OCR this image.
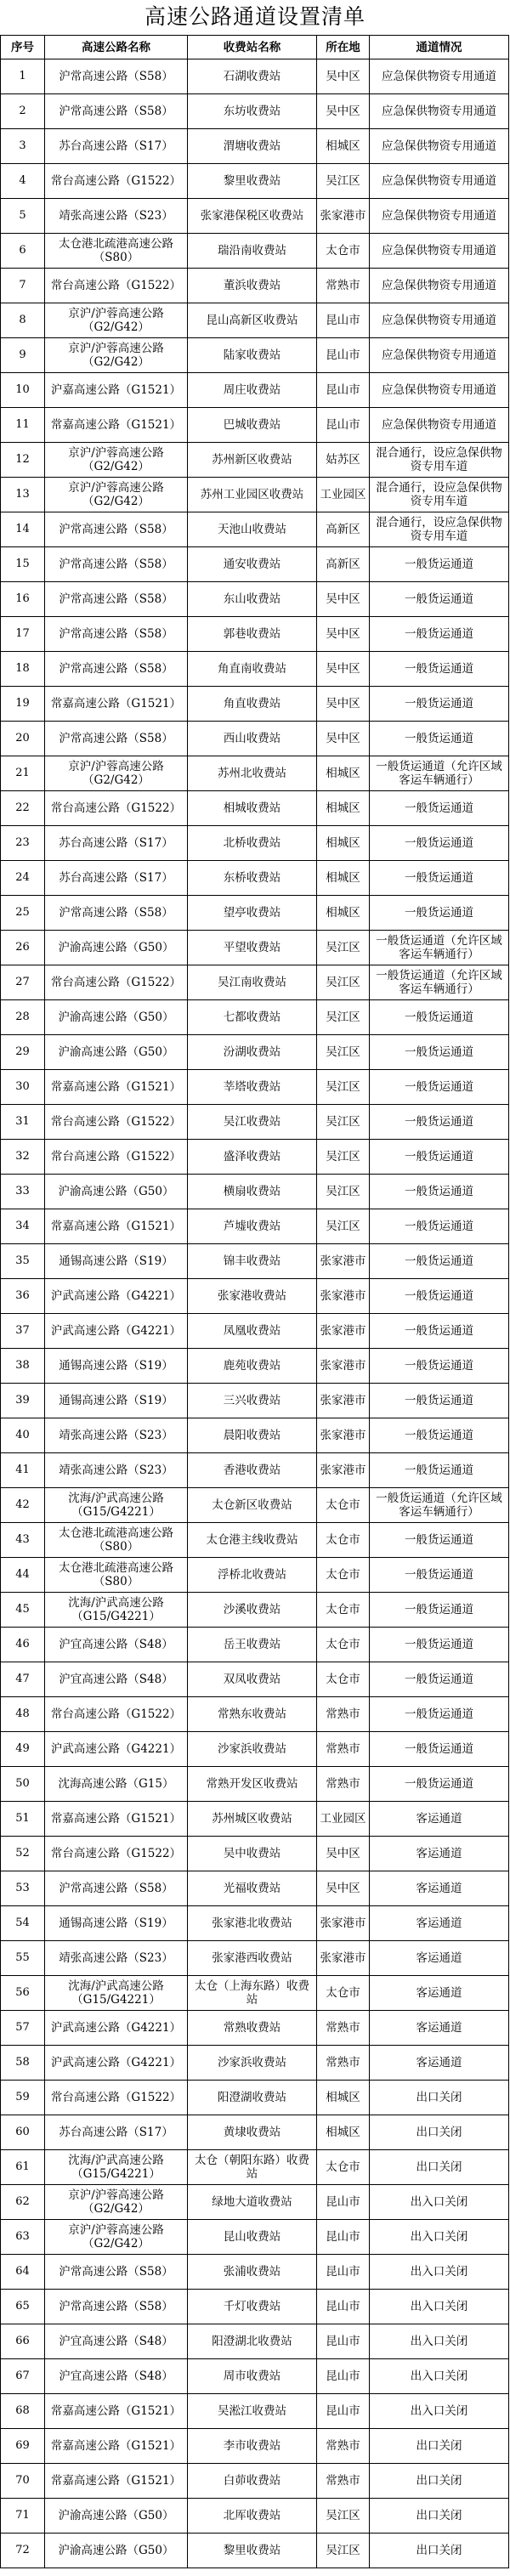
高速公路通道设置清单
序号	高速公路名称	收费站名称	所在地	通道情况
1	沪常高速公路（S58）	石湖收费站	吴中区	应急保供物资专用通道
2	沪常高速公路（S58）	东坊收费站	吴中区	应急保供物资专用通道
3	苏台高速公路（S17）	渭塘收费站	相城区	应急保供物资专用通道
4	常台高速公路（G1522）	黎里收费站	吴江区	应急保供物资专用通道
5	靖张高速公路（S23）	张家港保税区收费站	张家港市	应急保供物资专用通道
6	太仓港北疏港高速公路（S80）	瑞沿南收费站	太仓市	应急保供物资专用通道
7	常台高速公路（G1522）	董浜收费站	常熟市	应急保供物资专用通道
8	京沪/沪蓉高速公路（G2/G42）	昆山高新区收费站	昆山市	应急保供物资专用通道
9	京沪/沪蓉高速公路（G2/G42）	陆家收费站	昆山市	应急保供物资专用通道
10	沪嘉高速公路（G1521）	周庄收费站	昆山市	应急保供物资专用通道
11	常嘉高速公路（G1521）	巴城收费站	昆山市	应急保供物资专用通道
12	京沪/沪蓉高速公路（G2/G42）	苏州新区收费站	姑苏区	混合通行，设应急保供物资专用车道
13	京沪/沪蓉高速公路（G2/G42）	苏州工业园区收费站	工业园区	混合通行，设应急保供物资专用车道
14	沪常高速公路（S58）	天池山收费站	高新区	混合通行，设应急保供物资专用车道
15	沪常高速公路（S58）	通安收费站	高新区	一般货运通道
16	沪常高速公路（S58）	东山收费站	吴中区	一般货运通道
17	沪常高速公路（S58）	郭巷收费站	吴中区	一般货运通道
18	沪常高速公路（S58）	角直南收费站	吴中区	一般货运通道
19	常嘉高速公路（G1521）	角直收费站	吴中区	一般货运通道
20	沪常高速公路（S58）	西山收费站	吴中区	一般货运通道
21	京沪/沪蓉高速公路（G2/G42）	苏州北收费站	相城区	一般货运通道（允许区域客运车辆通行）
22	常台高速公路（G1522）	相城收费站	相城区	一般货运通道
23	苏台高速公路（S17）	北桥收费站	相城区	一般货运通道
24	苏台高速公路（S17）	东桥收费站	相城区	一般货运通道
25	沪常高速公路（S58）	望亭收费站	相城区	一般货运通道
26	沪渝高速公路（G50）	平望收费站	吴江区	一般货运通道（允许区域客运车辆通行）
27	常台高速公路（G1522）	吴江南收费站	吴江区	一般货运通道（允许区域客运车辆通行）
28	沪渝高速公路（G50）	七都收费站	吴江区	一般货运通道
29	沪渝高速公路（G50）	汾湖收费站	吴江区	一般货运通道
30	常嘉高速公路（G1521）	莘塔收费站	吴江区	一般货运通道
31	常台高速公路（G1522）	吴江收费站	吴江区	一般货运通道
32	常台高速公路（G1522）	盛泽收费站	吴江区	一般货运通道
33	沪渝高速公路（G50）	横扇收费站	吴江区	一般货运通道
34	常嘉高速公路（G1521）	芦墟收费站	吴江区	一般货运通道
35	通锡高速公路（S19）	锦丰收费站	张家港市	一般货运通道
36	沪武高速公路（G4221）	张家港收费站	张家港市	一般货运通道
37	沪武高速公路（G4221）	凤凰收费站	张家港市	一般货运通道
38	通锡高速公路（S19）	鹿苑收费站	张家港市	一般货运通道
39	通锡高速公路（S19）	三兴收费站	张家港市	一般货运通道
40	靖张高速公路（S23）	晨阳收费站	张家港市	一般货运通道
41	靖张高速公路（S23）	香港收费站	张家港市	一般货运通道
42	沈海/沪武高速公路（G15/G4221）	太仓新区收费站	太仓市	一般货运通道（允许区域客运车辆通行）
43	太仓港北疏港高速公路（S80）	太仓港主线收费站	太仓市	一般货运通道
44	太仓港北疏港高速公路（S80）	浮桥北收费站	太仓市	一般货运通道
45	沈海/沪武高速公路（G15/G4221）	沙溪收费站	太仓市	一般货运通道
46	沪宜高速公路（S48）	岳王收费站	太仓市	一般货运通道
47	沪宜高速公路（S48）	双凤收费站	太仓市	一般货运通道
48	常台高速公路（G1522）	常熟东收费站	常熟市	一般货运通道
49	沪武高速公路（G4221）	沙家浜收费站	常熟市	一般货运通道
50	沈海高速公路（G15）	常熟开发区收费站	常熟市	一般货运通道
51	常嘉高速公路（G1521）	苏州城区收费站	工业园区	客运通道
52	常台高速公路（G1522）	吴中收费站	吴中区	客运通道
53	沪常高速公路（S58）	光福收费站	吴中区	客运通道
54	通锡高速公路（S19）	张家港北收费站	张家港市	客运通道
55	靖张高速公路（S23）	张家港西收费站	张家港市	客运通道
56	沈海/沪武高速公路（G15/G4221）	太仓（上海东路）收费站	太仓市	客运通道
57	沪武高速公路（G4221）	常熟收费站	常熟市	客运通道
58	沪武高速公路（G4221）	沙家浜收费站	常熟市	客运通道
59	常台高速公路（G1522）	阳澄湖收费站	相城区	出口关闭
60	苏台高速公路（S17）	黄埭收费站	相城区	出口关闭
61	沈海/沪武高速公路（G15/G4221）	太仓（朝阳东路）收费站	太仓市	出口关闭
62	京沪/沪蓉高速公路（G2/G42）	绿地大道收费站	昆山市	出入口关闭
63	京沪/沪蓉高速公路（G2/G42）	昆山收费站	昆山市	出入口关闭
64	沪常高速公路（S58）	张浦收费站	昆山市	出入口关闭
65	沪常高速公路（S58）	千灯收费站	昆山市	出入口关闭
66	沪宜高速公路（S48）	阳澄湖北收费站	昆山市	出入口关闭
67	沪宜高速公路（S48）	周市收费站	昆山市	出入口关闭
68	常嘉高速公路（G1521）	吴淞江收费站	昆山市	出入口关闭
69	常嘉高速公路（G1521）	李市收费站	常熟市	出口关闭
70	常嘉高速公路（G1521）	白茆收费站	常熟市	出口关闭
71	沪渝高速公路（G50）	北厍收费站	吴江区	出口关闭
72	沪渝高速公路（G50）	黎里收费站	吴江区	出口关闭
